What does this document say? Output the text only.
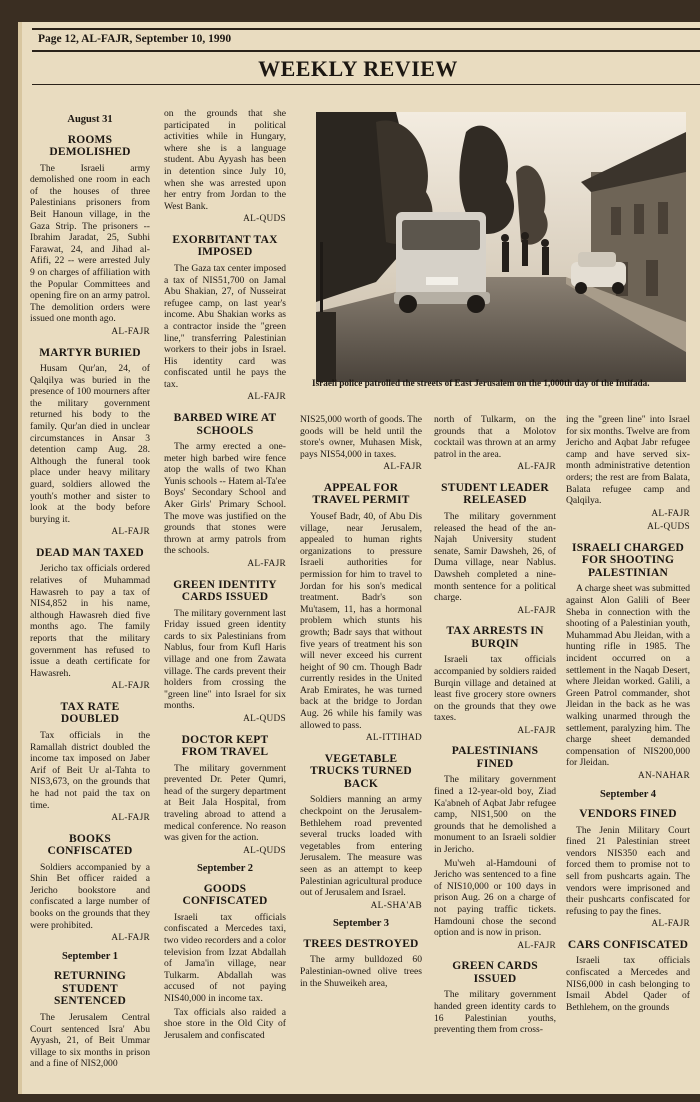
Page 12, AL-FAJR, September 10, 1990
WEEKLY REVIEW
August 31
ROOMS DEMOLISHED

The Israeli army demolished one room in each of the houses of three Palestinians prisoners from Beit Hanoun village, in the Gaza Strip. The prisoners -- Ibrahim Jaradat, 25, Subhi Farawat, 24, and Jihad al-Afifi, 22 -- were arrested July 9 on charges of affiliation with the Popular Committees and opening fire on an army patrol. The demolition orders were issued one month ago.

AL-FAJR
MARTYR BURIED

Husam Qur'an, 24, of Qalqilya was buried in the presence of 100 mourners after the military government returned his body to the family. Qur'an died in unclear circumstances in Ansar 3 detention camp Aug. 28. Although the funeral took place under heavy military guard, soldiers allowed the youth's mother and sister to look at the body before burying it.

AL-FAJR
DEAD MAN TAXED

Jericho tax officials ordered relatives of Muhammad Hawasreh to pay a tax of NIS4,852 in his name, although Hawasreh died five months ago. The family reports that the military government has refused to issue a death certificate for Hawasreh.

AL-FAJR
TAX RATE DOUBLED

Tax officials in the Ramallah district doubled the income tax imposed on Jaber Arif of Beit Ur al-Tahta to NIS3,673, on the grounds that he had not paid the tax on time.

AL-FAJR
BOOKS CONFISCATED

Soldiers accompanied by a Shin Bet officer raided a Jericho bookstore and confiscated a large number of books on the grounds that they were prohibited.

AL-FAJR
September 1
RETURNING STUDENT SENTENCED

The Jerusalem Central Court sentenced Isra' Abu Ayyash, 21, of Beit Ummar village to six months in prison and a fine of NIS2,000

on the grounds that she participated in political activities while in Hungary, where she is a language student. Abu Ayyash has been in detention since July 10, when she was arrested upon her entry from Jordan to the West Bank.

AL-QUDS
EXORBITANT TAX IMPOSED

The Gaza tax center imposed a tax of NIS51,700 on Jamal Abu Shakian, 27, of Nusseirat refugee camp, on last year's income. Abu Shakian works as a contractor inside the "green line," transferring Palestinian workers to their jobs in Israel. His identity card was confiscated until he pays the tax.

AL-FAJR
BARBED WIRE AT SCHOOLS

The army erected a one-meter high barbed wire fence atop the walls of two Khan Yunis schools -- Hatem al-Ta'ee Boys' Secondary School and Aker Girls' Primary School. The move was justified on the grounds that stones were thrown at army patrols from the schools.

AL-FAJR
GREEN IDENTITY CARDS ISSUED

The military government last Friday issued green identity cards to six Palestinians from Nablus, four from Kufl Haris village and one from Zawata village. The cards prevent their holders from crossing the "green line" into Israel for six months.

AL-QUDS
DOCTOR KEPT FROM TRAVEL

The military government prevented Dr. Peter Qumri, head of the surgery department at Beit Jala Hospital, from traveling abroad to attend a medical conference. No reason was given for the action.

AL-QUDS
September 2
GOODS CONFISCATED

Israeli tax officials confiscated a Mercedes taxi, two video recorders and a color television from Izzat Abdallah of Jama'in village, near Tulkarm. Abdallah was accused of not paying NIS40,000 in income tax.

Tax officials also raided a shoe store in the Old City of Jerusalem and confiscated

Israeli police patrolled the streets of East Jerusalem on the 1,000th day of the Intifada.

NIS25,000 worth of goods. The goods will be held until the store's owner, Muhasen Misk, pays NIS54,000 in taxes.

AL-FAJR
APPEAL FOR TRAVEL PERMIT

Yousef Badr, 40, of Abu Dis village, near Jerusalem, appealed to human rights organizations to pressure Israeli authorities for permission for him to travel to Jordan for his son's medical treatment. Badr's son Mu'tasem, 11, has a hormonal problem which stunts his growth; Badr says that without five years of treatment his son will never exceed his current height of 90 cm. Though Badr currently resides in the United Arab Emirates, he was turned back at the bridge to Jordan Aug. 26 while his family was allowed to pass.

AL-ITTIHAD
VEGETABLE TRUCKS TURNED BACK

Soldiers manning an army checkpoint on the Jerusalem-Bethlehem road prevented several trucks loaded with vegetables from entering Jerusalem. The measure was seen as an attempt to keep Palestinian agricultural produce out of Jerusalem and Israel.

AL-SHA'AB
September 3
TREES DESTROYED

The army bulldozed 60 Palestinian-owned olive trees in the Shuweikeh area,

north of Tulkarm, on the grounds that a Molotov cocktail was thrown at an army patrol in the area.

AL-FAJR
STUDENT LEADER RELEASED

The military government released the head of the an-Najah University student senate, Samir Dawsheh, 26, of Duma village, near Nablus. Dawsheh completed a nine-month sentence for a political charge.

AL-FAJR
TAX ARRESTS IN BURQIN

Israeli tax officials accompanied by soldiers raided Burqin village and detained at least five grocery store owners on the grounds that they owe taxes.

AL-FAJR
PALESTINIANS FINED

The military government fined a 12-year-old boy, Ziad Ka'abneh of Aqbat Jabr refugee camp, NIS1,500 on the grounds that he demolished a monument to an Israeli soldier in Jericho.

Mu'weh al-Hamdouni of Jericho was sentenced to a fine of NIS10,000 or 100 days in prison Aug. 26 on a charge of not paying traffic tickets. Hamdouni chose the second option and is now in prison.

AL-FAJR
GREEN CARDS ISSUED

The military government handed green identity cards to 16 Palestinian youths, preventing them from cross-

ing the "green line" into Israel for six months. Twelve are from Jericho and Aqbat Jabr refugee camp and have served six-month administrative detention orders; the rest are from Balata, Balata refugee camp and Qalqilya.

AL-FAJR
AL-QUDS
ISRAELI CHARGED FOR SHOOTING PALESTINIAN

A charge sheet was submitted against Alon Galili of Beer Sheba in connection with the shooting of a Palestinian youth, Muhammad Abu Jleidan, with a hunting rifle in 1985. The incident occurred on a settlement in the Naqab Desert, where Jleidan worked. Galili, a Green Patrol commander, shot Jleidan in the back as he was walking unarmed through the settlement, paralyzing him. The charge sheet demanded compensation of NIS200,000 for Jleidan.

AN-NAHAR
September 4
VENDORS FINED

The Jenin Military Court fined 21 Palestinian street vendors NIS350 each and forced them to promise not to sell from pushcarts again. The vendors were imprisoned and their pushcarts confiscated for refusing to pay the fines.

AL-FAJR
CARS CONFISCATED

Israeli tax officials confiscated a Mercedes and NIS6,000 in cash belonging to Ismail Abdel Qader of Bethlehem, on the grounds
